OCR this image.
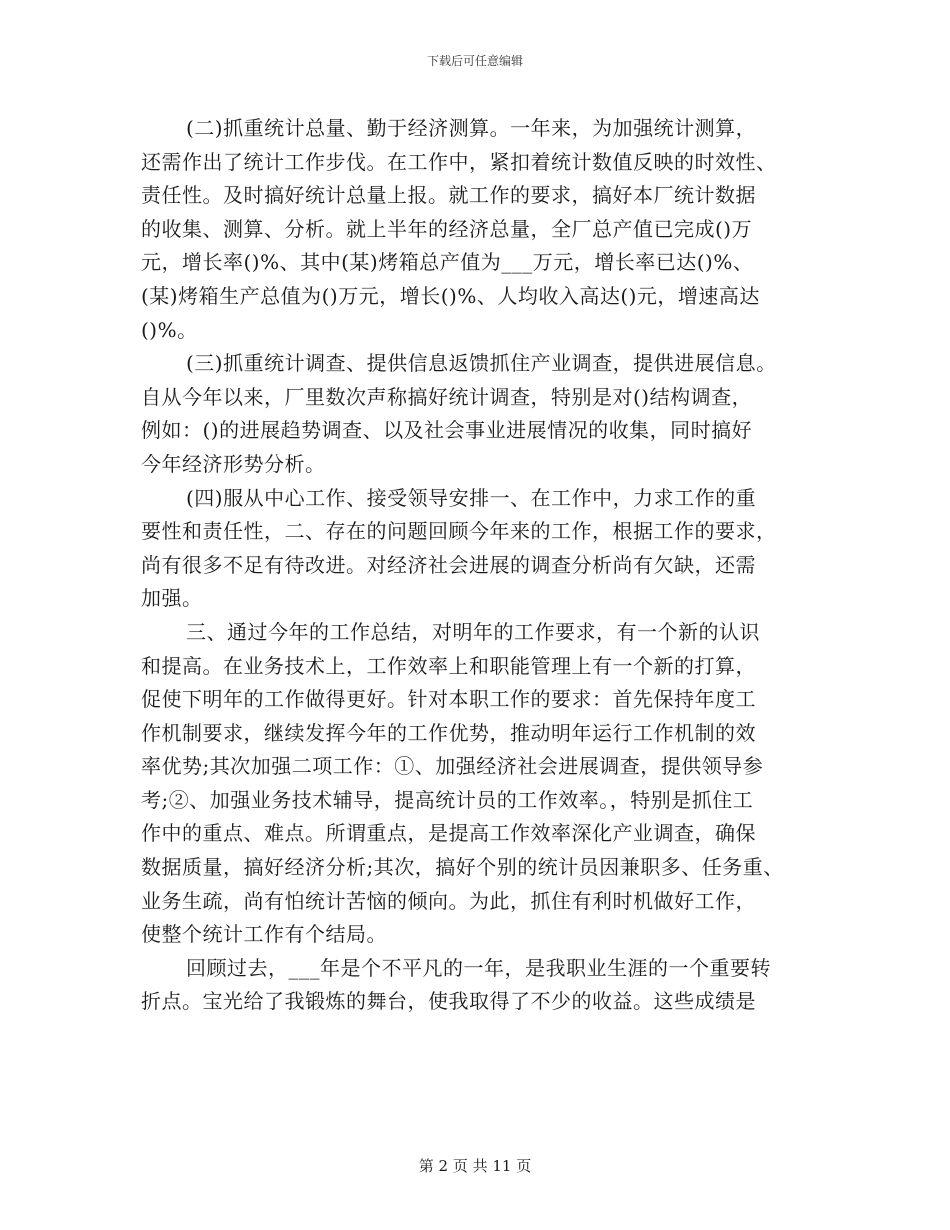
下载后可任意编辑
(二)抓重统计总量、勤于经济测算。一年来，为加强统计测算，
还需作出了统计工作步伐。在工作中，紧扣着统计数值反映的时效性、
责任性。及时搞好统计总量上报。就工作的要求，搞好本厂统计数据
的收集、测算、分析。就上半年的经济总量，全厂总产值已完成()万
元，增长率()%、其中(某)烤箱总产值为___万元，增长率已达()%、
(某)烤箱生产总值为()万元，增长()%、人均收入高达()元，增速高达
()%。
(三)抓重统计调查、提供信息返馈抓住产业调查，提供进展信息。
自从今年以来，厂里数次声称搞好统计调查，特别是对()结构调查，
例如：()的进展趋势调查、以及社会事业进展情况的收集，同时搞好
今年经济形势分析。
(四)服从中心工作、接受领导安排一、在工作中，力求工作的重
要性和责任性，二、存在的问题回顾今年来的工作，根据工作的要求，
尚有很多不足有待改进。对经济社会进展的调查分析尚有欠缺，还需
加强。
三、通过今年的工作总结，对明年的工作要求，有一个新的认识
和提高。在业务技术上，工作效率上和职能管理上有一个新的打算，
促使下明年的工作做得更好。针对本职工作的要求：首先保持年度工
作机制要求，继续发挥今年的工作优势，推动明年运行工作机制的效
率优势;其次加强二项工作：①、加强经济社会进展调查，提供领导参
考;②、加强业务技术辅导，提高统计员的工作效率。，特别是抓住工
作中的重点、难点。所谓重点，是提高工作效率深化产业调查，确保
数据质量，搞好经济分析;其次，搞好个别的统计员因兼职多、任务重、
业务生疏，尚有怕统计苦恼的倾向。为此，抓住有利时机做好工作，
使整个统计工作有个结局。
回顾过去，___年是个不平凡的一年，是我职业生涯的一个重要转
折点。宝光给了我锻炼的舞台，使我取得了不少的收益。这些成绩是
第 2 页 共 11 页
